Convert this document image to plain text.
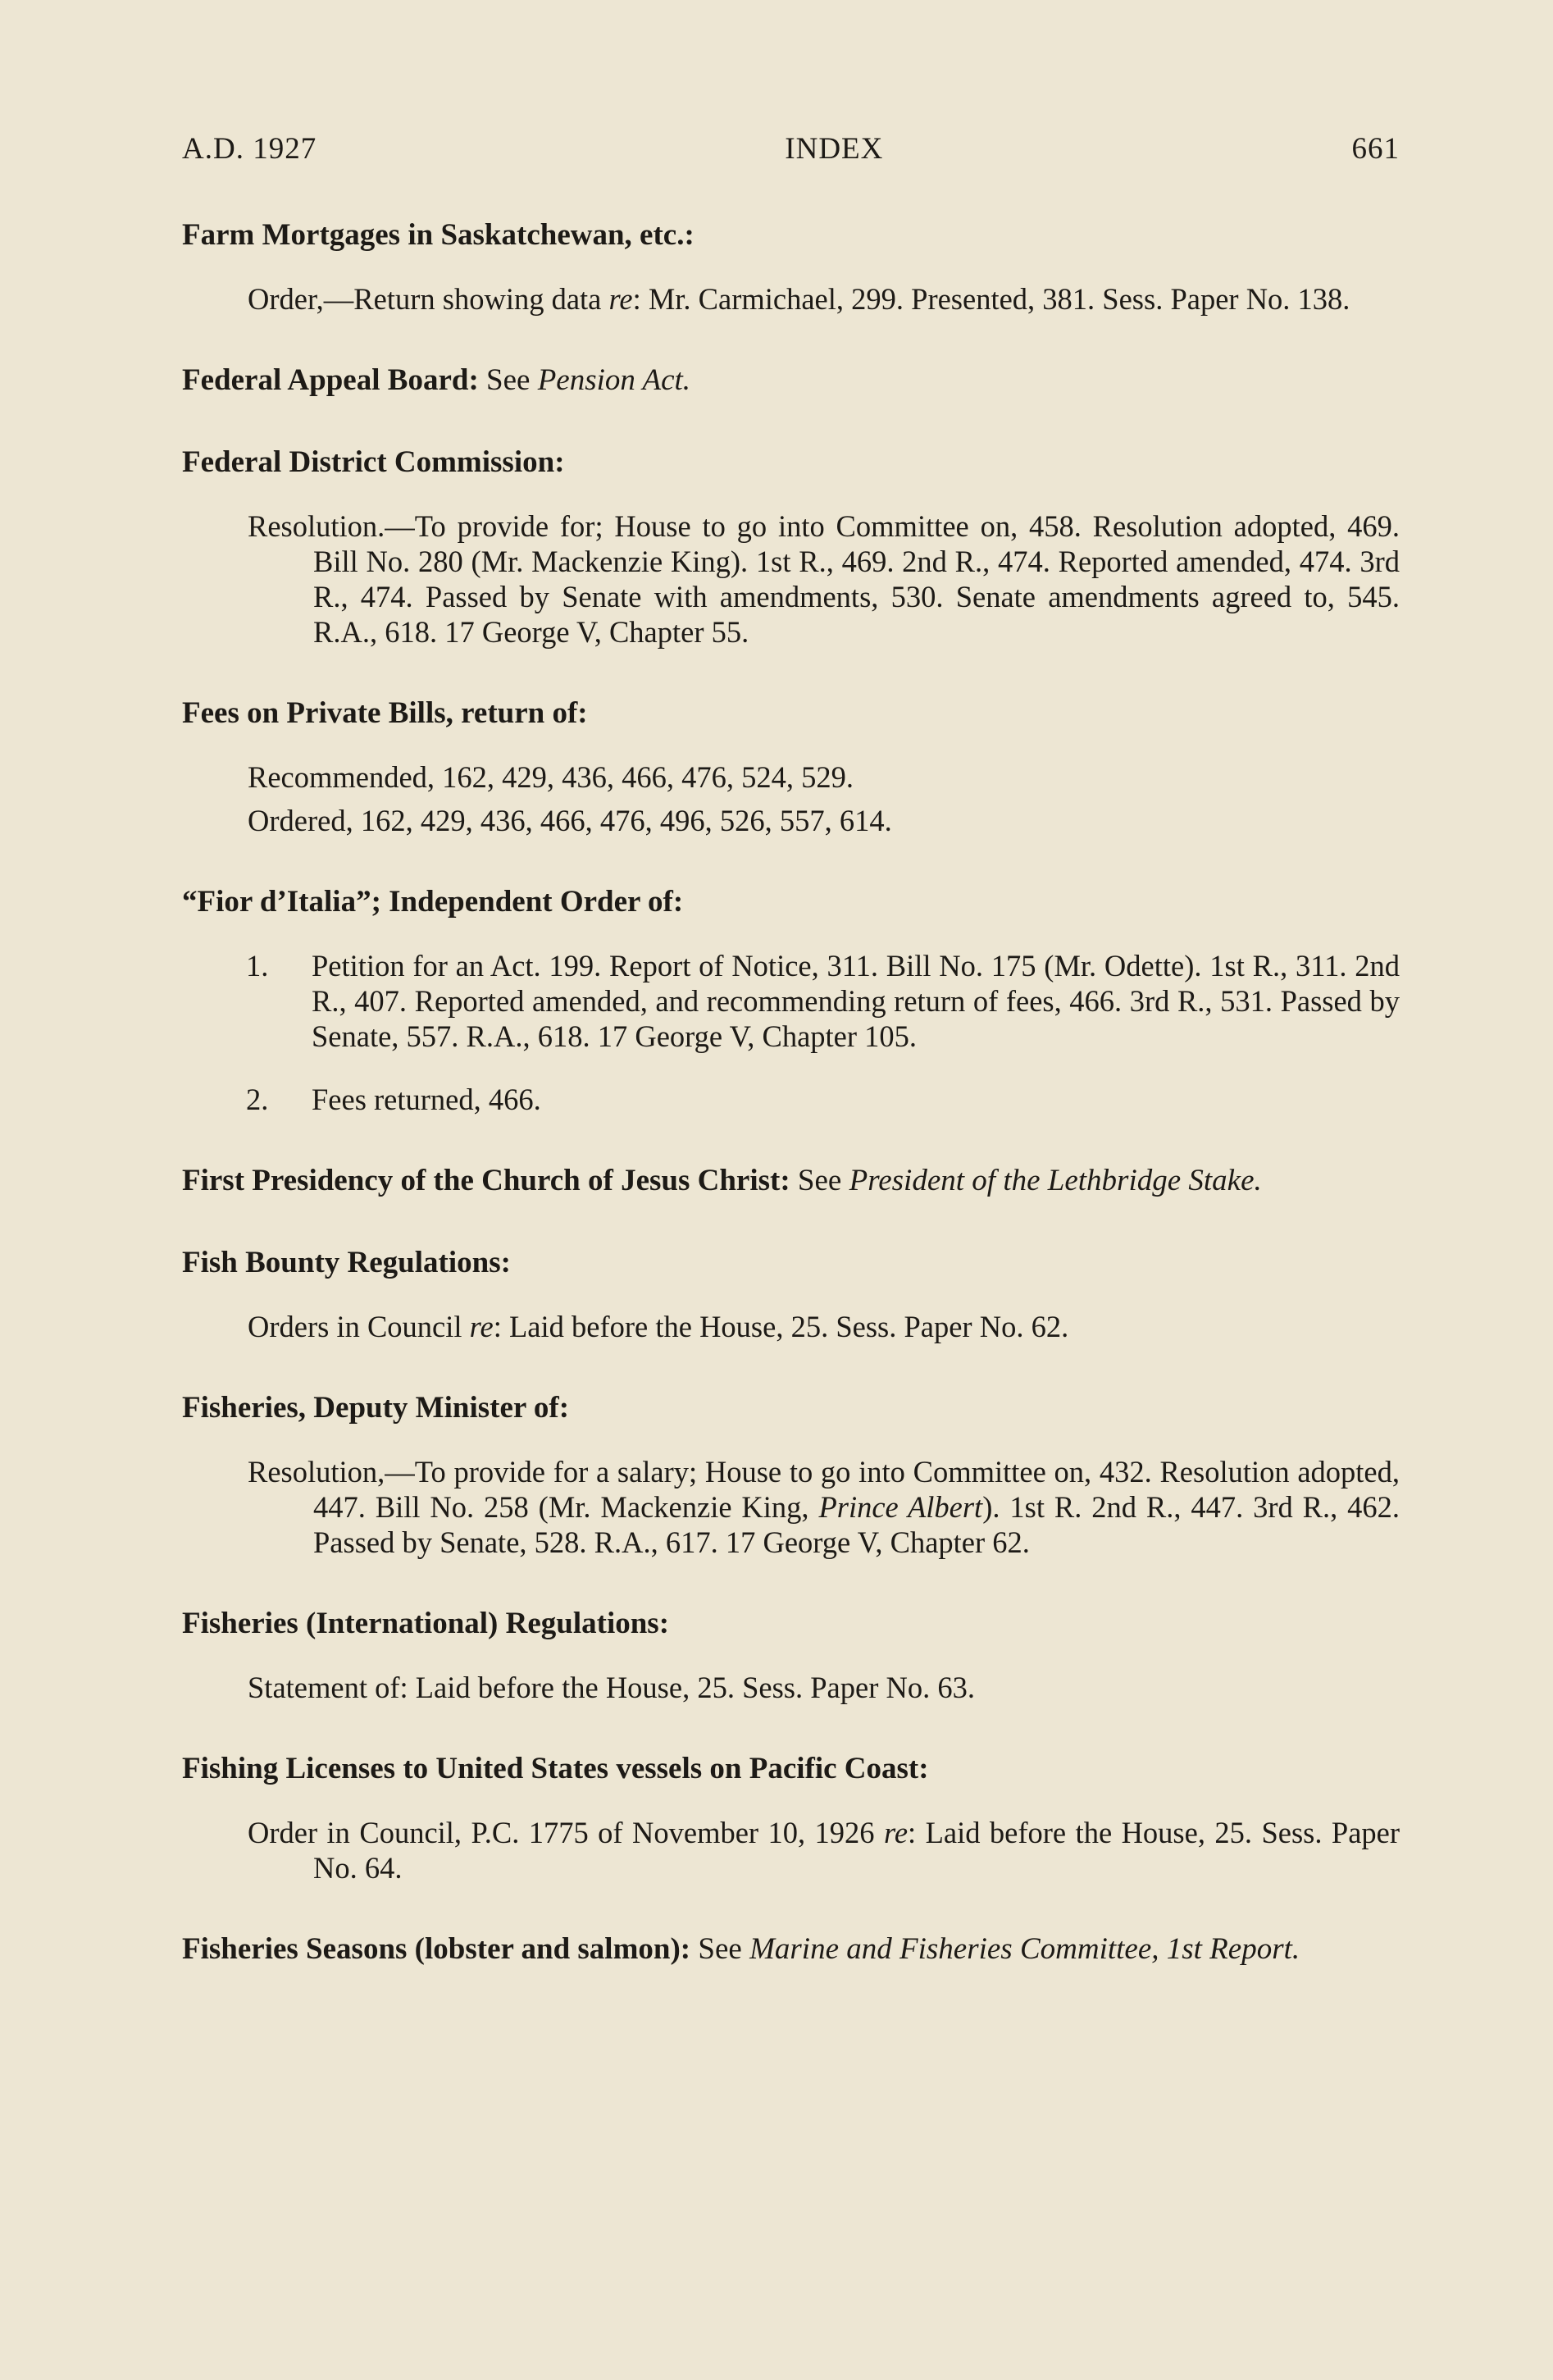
A.D. 1927	INDEX	661

Farm Mortgages in Saskatchewan, etc.:

Order,—Return showing data re: Mr. Carmichael, 299. Presented, 381. Sess. Paper No. 138.

Federal Appeal Board: See Pension Act.

Federal District Commission:

Resolution.—To provide for; House to go into Committee on, 458. Resolution adopted, 469. Bill No. 280 (Mr. Mackenzie King). 1st R., 469. 2nd R., 474. Reported amended, 474. 3rd R., 474. Passed by Senate with amendments, 530. Senate amendments agreed to, 545. R.A., 618. 17 George V, Chapter 55.

Fees on Private Bills, return of:

Recommended, 162, 429, 436, 466, 476, 524, 529.

Ordered, 162, 429, 436, 466, 476, 496, 526, 557, 614.

“Fior d’Italia”; Independent Order of:

1.	Petition for an Act. 199. Report of Notice, 311. Bill No. 175 (Mr. Odette). 1st R., 311. 2nd R., 407. Reported amended, and recommending return of fees, 466. 3rd R., 531. Passed by Senate, 557. R.A., 618. 17 George V, Chapter 105.
2.	Fees returned, 466.

First Presidency of the Church of Jesus Christ: See President of the Lethbridge Stake.

Fish Bounty Regulations:

Orders in Council re: Laid before the House, 25. Sess. Paper No. 62.

Fisheries, Deputy Minister of:

Resolution,—To provide for a salary; House to go into Committee on, 432. Resolution adopted, 447. Bill No. 258 (Mr. Mackenzie King, Prince Albert). 1st R. 2nd R., 447. 3rd R., 462. Passed by Senate, 528. R.A., 617. 17 George V, Chapter 62.

Fisheries (International) Regulations:

Statement of: Laid before the House, 25. Sess. Paper No. 63.

Fishing Licenses to United States vessels on Pacific Coast:

Order in Council, P.C. 1775 of November 10, 1926 re: Laid before the House, 25. Sess. Paper No. 64.

Fisheries Seasons (lobster and salmon): See Marine and Fisheries Committee, 1st Report.
